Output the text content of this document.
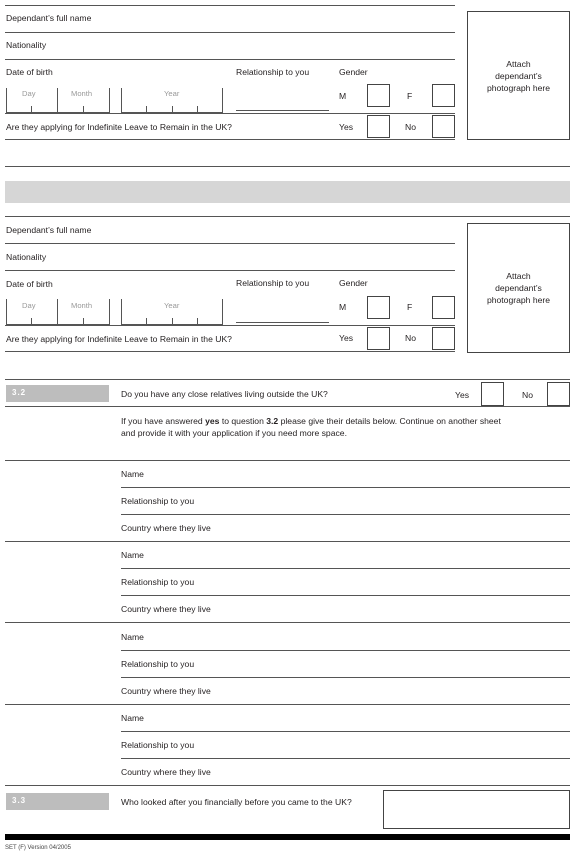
Dependant’s full name
Nationality
Date of birth	Relationship to you	Gender
Day	Month	Year	M	F
Are they applying for Indefinite Leave to Remain in the UK?	Yes	No
Attach
dependant’s
photograph here
Dependant’s full name
Nationality
Date of birth	Relationship to you	Gender
Day	Month	Year	M	F
Are they applying for Indefinite Leave to Remain in the UK?	Yes	No
Attach
dependant’s
photograph here
3.2	Do you have any close relatives living outside the UK?	Yes	No
If you have answered yes to question 3.2 please give their details below. Continue on another sheet and provide it with your application if you need more space.
Name
Relationship to you
Country where they live
Name
Relationship to you
Country where they live
Name
Relationship to you
Country where they live
Name
Relationship to you
Country where they live
3.3	Who looked after you financially before you came to the UK?
SET (F) Version 04/2005
